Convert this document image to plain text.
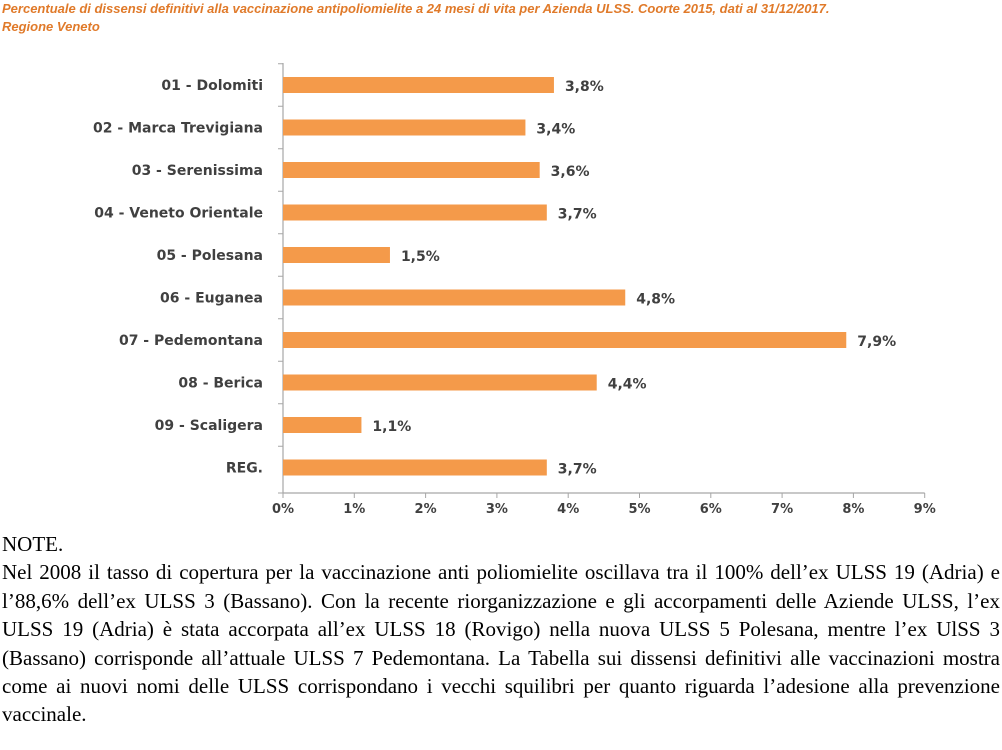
Percentuale di dissensi definitivi alla vaccinazione antipoliomielite a 24 mesi di vita per Azienda ULSS. Coorte 2015, dati al 31/12/2017.
Regione Veneto
01 - Dolomiti	3,8%
02 - Marca Trevigiana	3,4%
03 - Serenissima	3,6%
04 - Veneto Orientale	3,7%
05 - Polesana	1,5%
06 - Euganea	4,8%
07 - Pedemontana	7,9%
08 - Berica	4,4%
09 - Scaligera	1,1%
REG.	3,7%
0%	1%	2%	3%	4%	5%	6%	7%	8%	9%
NOTE.
Nel 2008 il tasso di copertura per la vaccinazione anti poliomielite oscillava tra il 100% dell’ex ULSS 19 (Adria) e l’88,6% dell’ex ULSS 3 (Bassano). Con la recente riorganizzazione e gli accorpamenti delle Aziende ULSS, l’ex ULSS 19 (Adria) è stata accorpata all’ex ULSS 18 (Rovigo) nella nuova ULSS 5 Polesana, mentre l’ex UlSS 3 (Bassano) corrisponde all’attuale ULSS 7 Pedemontana. La Tabella sui dissensi definitivi alle vaccinazioni mostra come ai nuovi nomi delle ULSS corrispondano i vecchi squilibri per quanto riguarda l’adesione alla prevenzione vaccinale.
